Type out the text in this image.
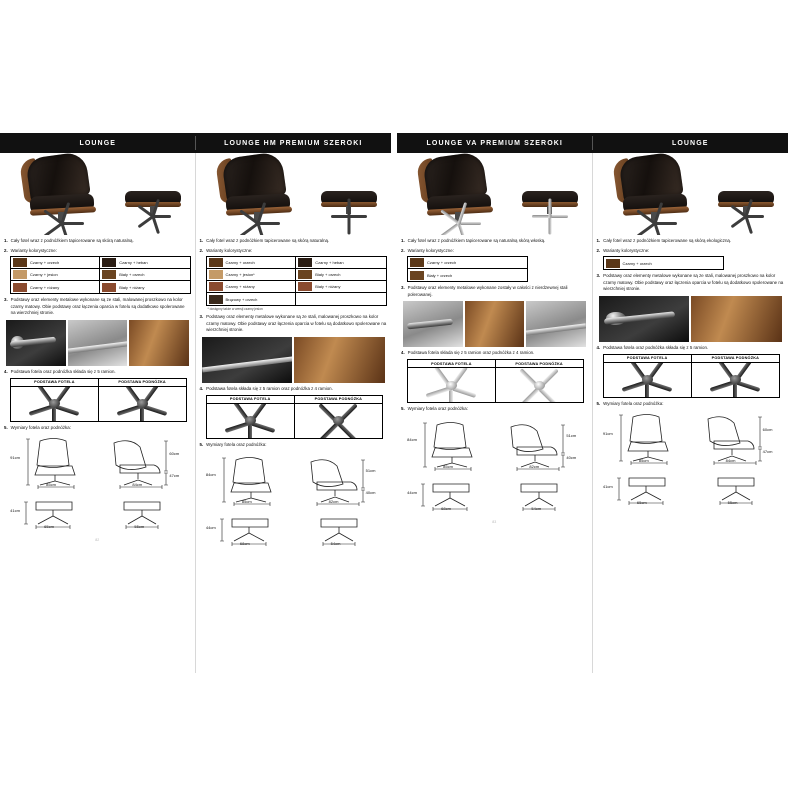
LOUNGE	LOUNGE HM PREMIUM SZEROKI
1. Cały fotel wraz z podnóżkiem tapicerowane są skórą naturalną.
2. Warianty kolorystyczne:
Czarny + orzech	Czarny + heban
Czarny + jesion	Biały + orzech
Czarny + różany	Biały + różany
3. Podstawy oraz elementy metalowe wykonane są ze stali, malowanej proszkowo na kolor czarny matowy. Obie podstawy oraz łączenia oparcia w fotelu są dodatkowo spolerowane na wierzchniej stronie.
4. Podstawa fotela oraz podnóżka składa się z 5 ramion.
PODSTAWA FOTELA	PODSTAWA PODNÓŻKA
5. Wymiary fotela oraz podnóżka:
91cm
85cm
60cm
47cm
84cm
41cm
65cm	55cm
82
1. Cały fotel wraz z podnóżkiem tapicerowane są skórą naturalną.
2. Warianty kolorystyczne:
Czarny + orzech	Czarny + heban
Czarny + jesion*	Biały + orzech
Czarny + różany	Biały + różany
Brązowy + orzech
* dostępny także w wersji czarny jesion
3. Podstawy oraz elementy metalowe wykonane są ze stali, malowanej proszkowo na kolor czarny matowy. Obie podstawy oraz łączenia oparcia w fotelu są dodatkowo spolerowane na wierzchniej stronie.
4. Podstawa fotela składa się z 5 ramion oraz podnóżka z 4 ramion.
PODSTAWA FOTELA	PODSTAWA PODNÓŻKA
5. Wymiary fotela oraz podnóżka:
84cm
85cm
51cm
40cm
82cm
44cm
68cm	54cm
LOUNGE VA PREMIUM SZEROKI	LOUNGE
1. Cały fotel wraz z podnóżkiem tapicerowane są naturalną skórą włoską.
2. Warianty kolorystyczne:
Czarny + orzech
Biały + orzech
3. Podstawy oraz elementy metalowe wykonane zostały w całości z nierdzewnej stali polerowanej.
4. Podstawa fotela składa się z 5 ramion oraz podnóżka z 4 ramion.
PODSTAWA FOTELA	PODSTAWA PODNÓŻKA
5. Wymiary fotela oraz podnóżka:
84cm
85cm
51cm
40cm
82cm
44cm
68cm	54cm
83
1. Cały fotel wraz z podnóżkiem tapicerowane są skórą ekologiczną.
2. Warianty kolorystyczne:
Czarny + orzech
3. Podstawy oraz elementy metalowe wykonane są ze stali, malowanej proszkowo na kolor czarny matowy. Obie podstawy oraz łączenia oparcia w fotelu są dodatkowo spolerowane na wierzchniej stronie.
4. Podstawa fotela oraz podnóżka składa się z 5 ramion.
PODSTAWA FOTELA	PODSTAWA PODNÓŻKA
5. Wymiary fotela oraz podnóżka:
91cm
85cm
60cm
47cm
84cm
41cm
65cm	55cm
